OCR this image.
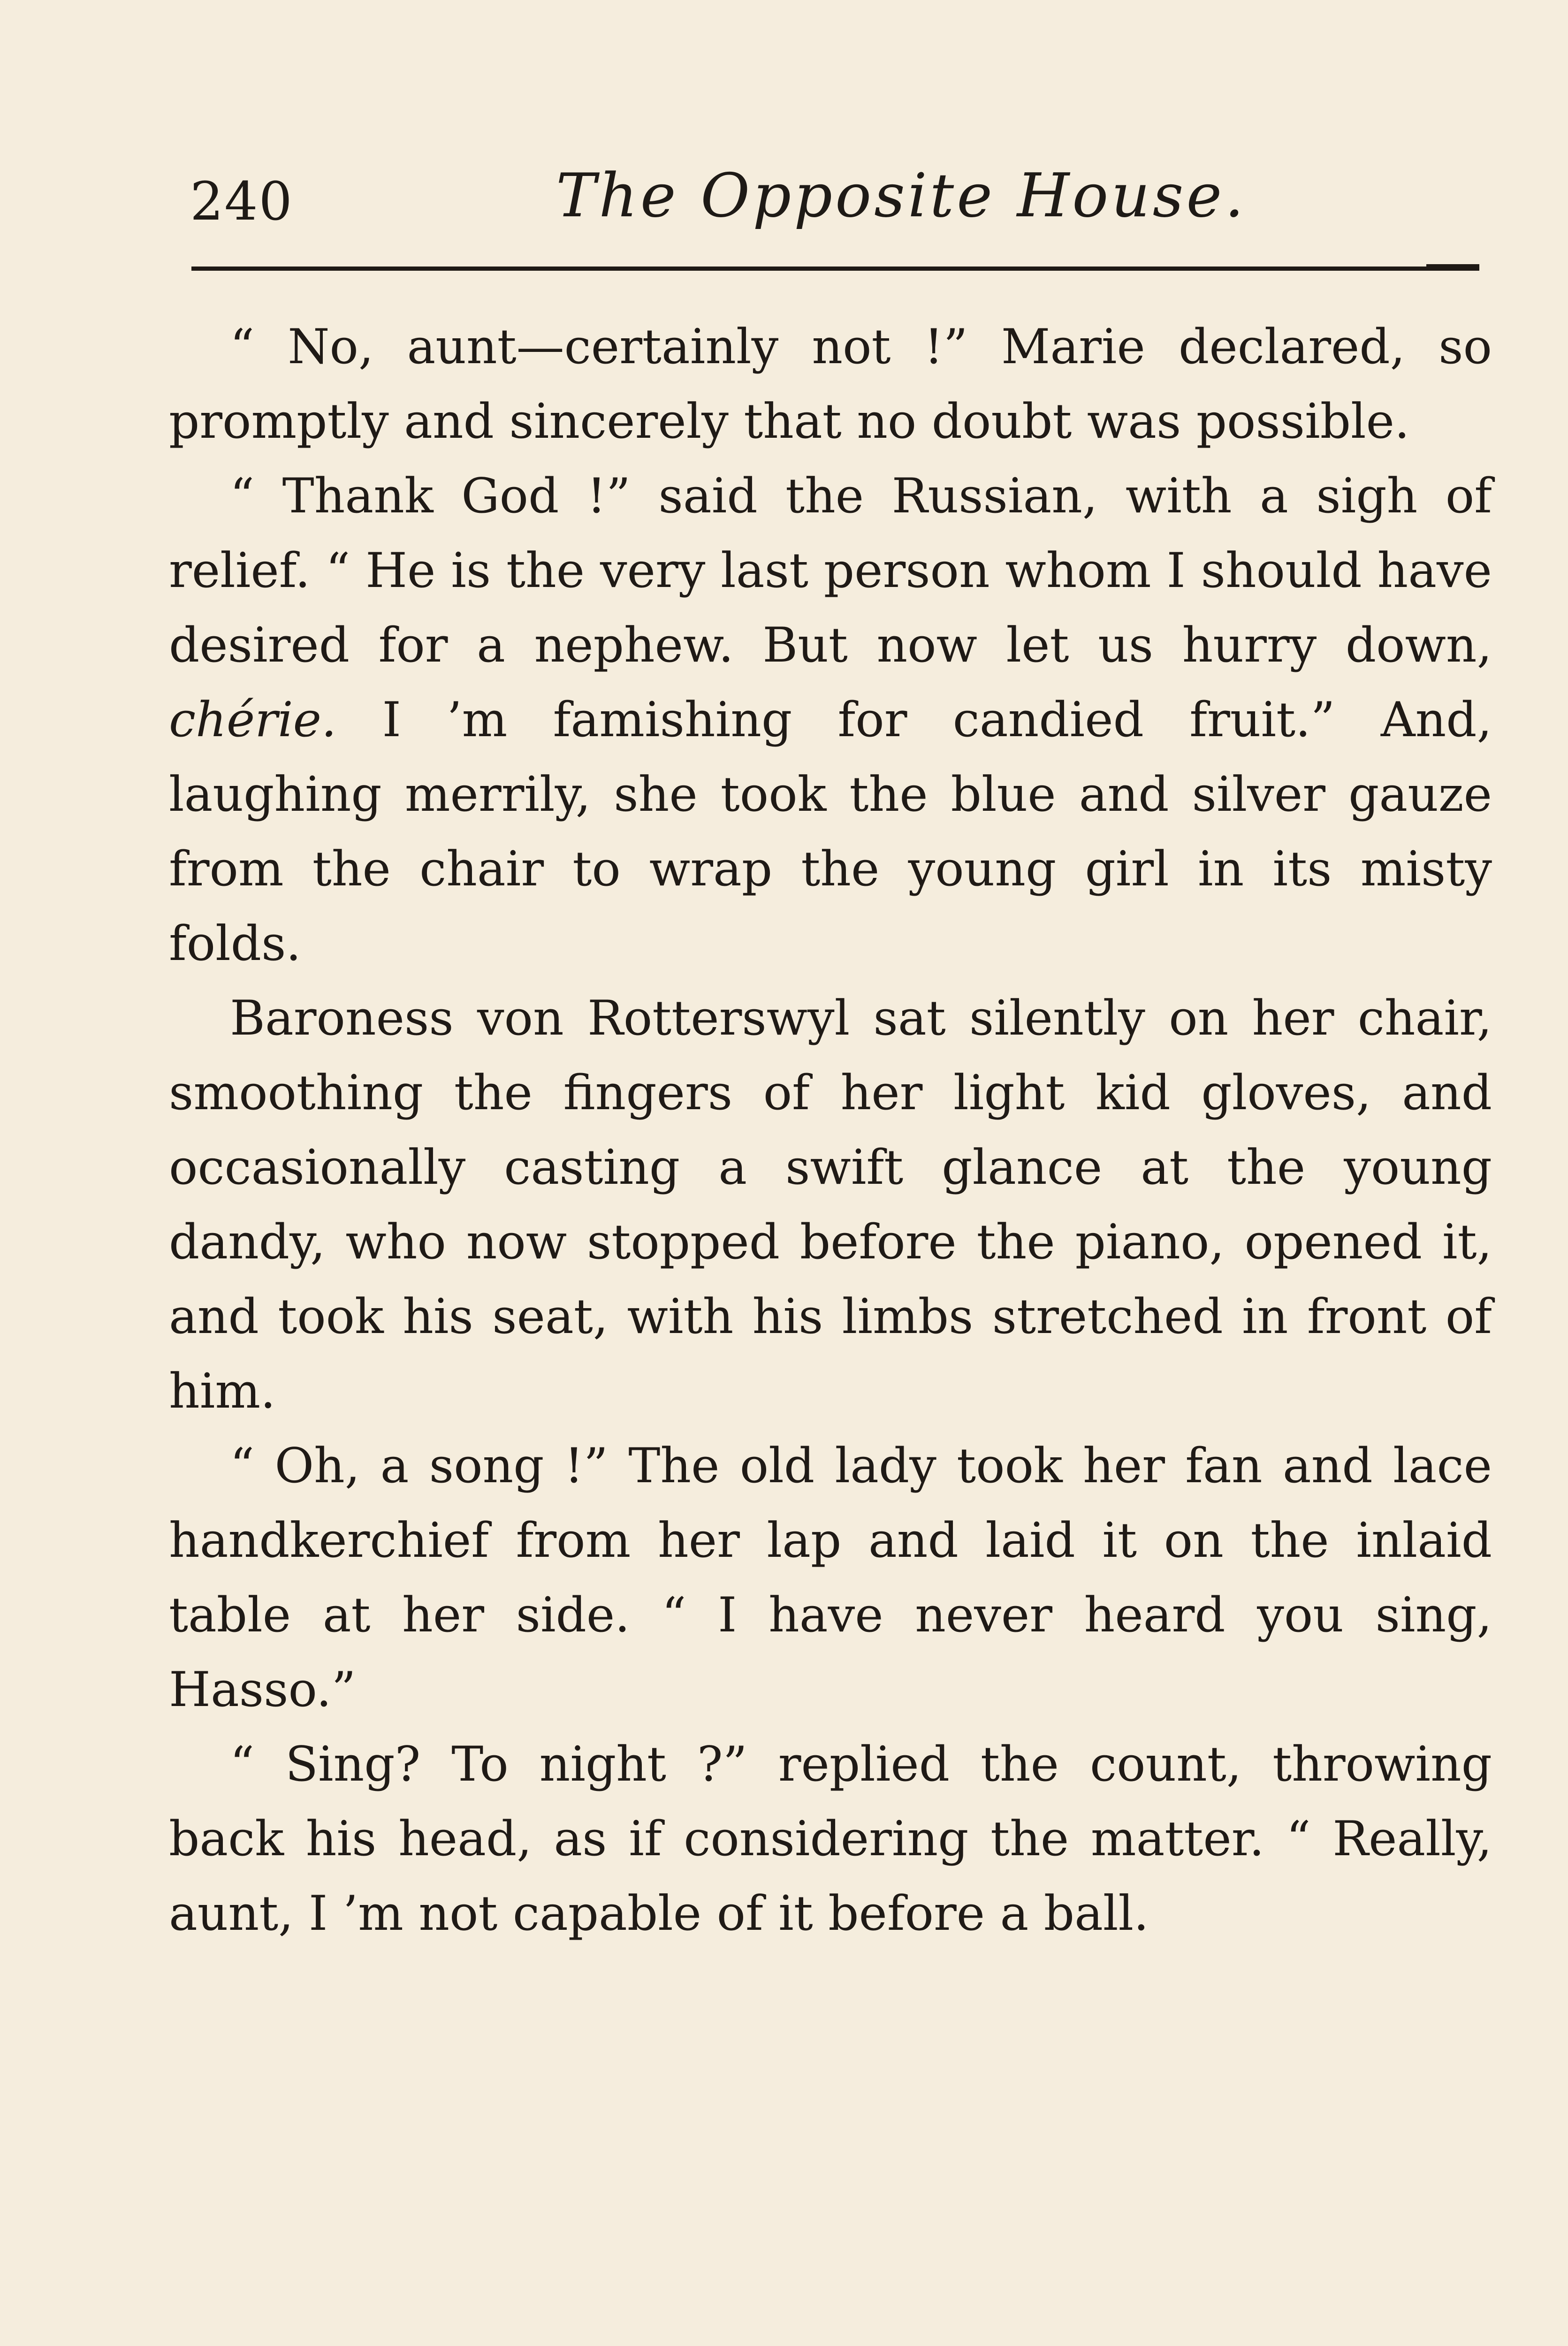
240	The Opposite House.

“ No, aunt—certainly not !” Marie declared, so promptly and sincerely that no doubt was possible.

“ Thank God !” said the Russian, with a sigh of relief. “ He is the very last person whom I should have desired for a nephew. But now let us hurry down, chérie. I ’m famishing for candied fruit.” And, laughing merrily, she took the blue and silver gauze from the chair to wrap the young girl in its misty folds.

Baroness von Rotterswyl sat silently on her chair, smoothing the fingers of her light kid gloves, and occasionally casting a swift glance at the young dandy, who now stopped before the piano, opened it, and took his seat, with his limbs stretched in front of him.

“ Oh, a song !” The old lady took her fan and lace handkerchief from her lap and laid it on the inlaid table at her side. “ I have never heard you sing, Hasso.”

“ Sing? To night ?” replied the count, throwing back his head, as if considering the matter. “ Really, aunt, I ’m not capable of it before a ball.
